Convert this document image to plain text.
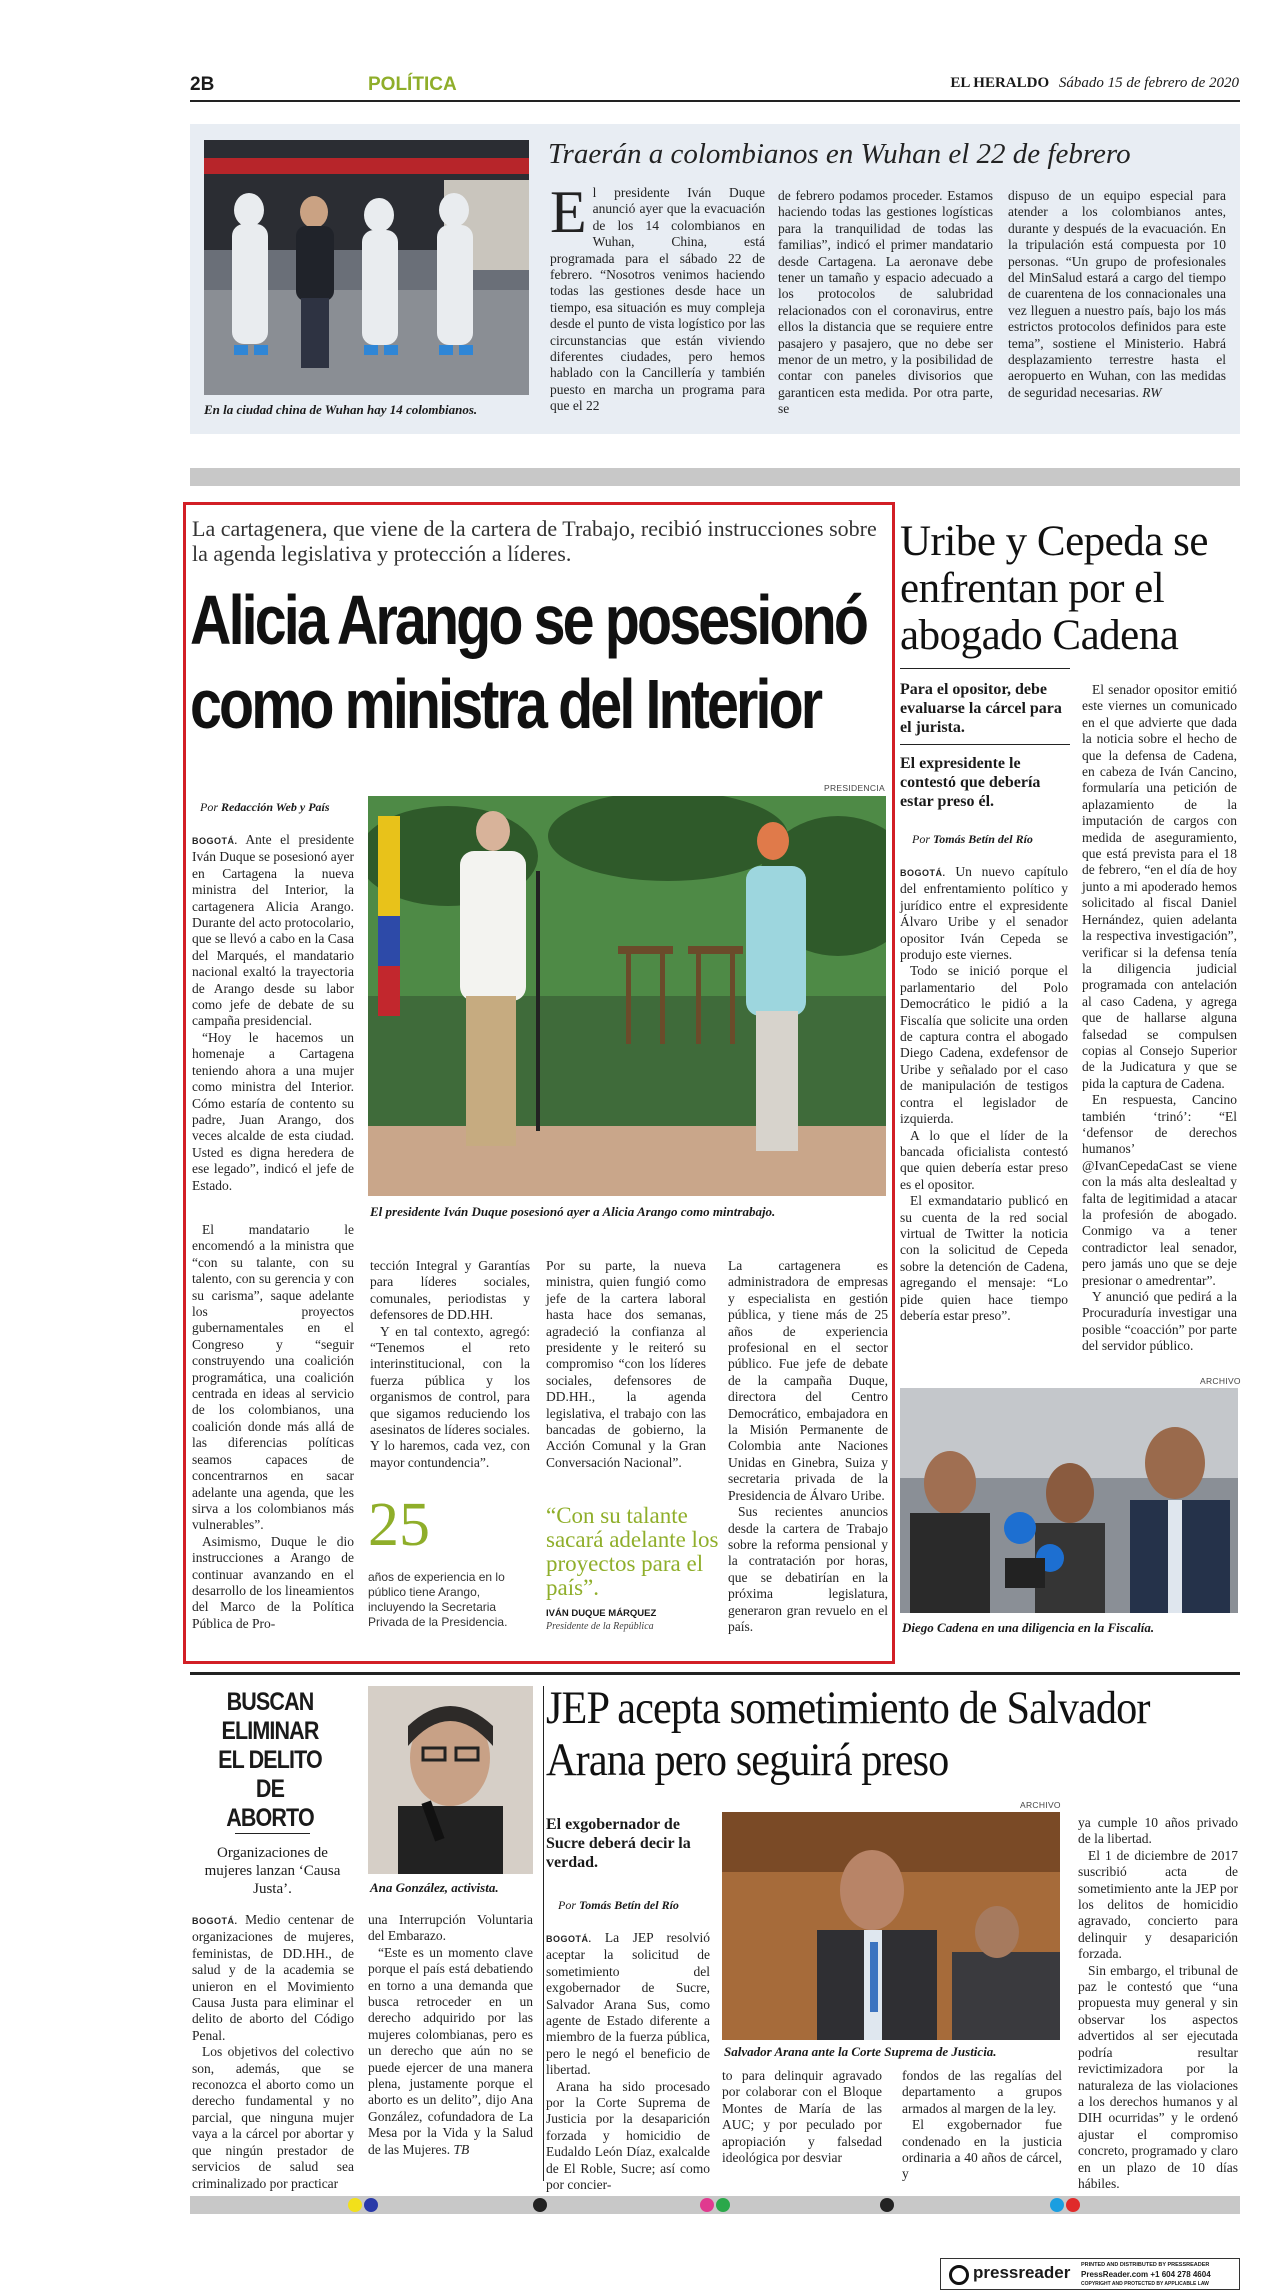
2B	POLÍTICA	EL HERALDO Sábado 15 de febrero de 2020
En la ciudad china de Wuhan hay 14 colombianos.
Traerán a colombianos en Wuhan el 22 de febrero
E l presidente Iván Duque anunció ayer que la evacuación de los 14 colombianos en Wuhan, China, está programada para el sábado 22 de febrero. “Nosotros venimos haciendo todas las gestiones desde hace un tiempo, esa situación es muy compleja desde el punto de vista logístico por las circunstancias que están viviendo diferentes ciudades, pero hemos hablado con la Cancillería y también puesto en marcha un programa para que el 22
de febrero podamos proceder. Estamos haciendo todas las gestiones logísticas para la tranquilidad de todas las familias”, indicó el primer mandatario desde Cartagena. La aeronave debe tener un tamaño y espacio adecuado a los protocolos de salubridad relacionados con el coronavirus, entre ellos la distancia que se requiere entre pasajero y pasajero, que no debe ser menor de un metro, y la posibilidad de contar con paneles divisorios que garanticen esta medida. Por otra parte, se
dispuso de un equipo especial para atender a los colombianos antes, durante y después de la evacuación. En la tripulación está compuesta por 10 personas. “Un grupo de profesionales del MinSalud estará a cargo del tiempo de cuarentena de los connacionales una vez lleguen a nuestro país, bajo los más estrictos protocolos definidos para este tema”, sostiene el Ministerio. Habrá desplazamiento terrestre hasta el aeropuerto en Wuhan, con las medidas de seguridad necesarias. RW
La cartagenera, que viene de la cartera de Trabajo, recibió instrucciones sobre la agenda legislativa y protección a líderes.
Alicia Arango se posesionó como ministra del Interior
PRESIDENCIA
Por Redacción Web y País
El presidente Iván Duque posesionó ayer a Alicia Arango como mintrabajo.

BOGOTÁ. Ante el presidente Iván Duque se posesionó ayer en Cartagena la nueva ministra del Interior, la cartagenera Alicia Arango. Durante del acto protocolario, que se llevó a cabo en la Casa del Marqués, el mandatario nacional exaltó la trayectoria de Arango desde su labor como jefe de debate de su campaña presidencial.

“Hoy le hacemos un homenaje a Cartagena teniendo ahora a una mujer como ministra del Interior. Cómo estaría de contento su padre, Juan Arango, dos veces alcalde de esta ciudad. Usted es digna heredera de ese legado”, indicó el jefe de Estado.

El mandatario le encomendó a la ministra que “con su talante, con su talento, con su gerencia y con su carisma”, saque adelante los proyectos gubernamentales en el Congreso y “seguir construyendo una coalición programática, una coalición centrada en ideas al servicio de los colombianos, una coalición donde más allá de las diferencias políticas seamos capaces de concentrarnos en sacar adelante una agenda, que les sirva a los colombianos más vulnerables”.

Asimismo, Duque le dio instrucciones a Arango de continuar avanzando en el desarrollo de los lineamientos del Marco de la Política Pública de Pro-

tección Integral y Garantías para líderes sociales, comunales, periodistas y defensores de DD.HH.

Y en tal contexto, agregó: “Tenemos el reto interinstitucional, con la fuerza pública y los organismos de control, para que sigamos reduciendo los asesinatos de líderes sociales. Y lo haremos, cada vez, con mayor contundencia”.

Por su parte, la nueva ministra, quien fungió como jefe de la cartera laboral hasta hace dos semanas, agradeció la confianza al presidente y le reiteró su compromiso “con los líderes sociales, defensores de DD.HH., la agenda legislativa, el trabajo con las bancadas de gobierno, la Acción Comunal y la Gran Conversación Nacional”.

La cartagenera es administradora de empresas y especialista en gestión pública, y tiene más de 25 años de experiencia profesional en el sector público. Fue jefe de debate de la campaña Duque, directora del Centro Democrático, embajadora en la Misión Permanente de Colombia ante Naciones Unidas en Ginebra, Suiza y secretaria privada de la Presidencia de Álvaro Uribe.

Sus recientes anuncios desde la cartera de Trabajo sobre la reforma pensional y la contratación por horas, que se debatirían en la próxima legislatura, generaron gran revuelo en el país.

25
años de experiencia en lo público tiene Arango, incluyendo la Secretaria Privada de la Presidencia.
“Con su talante sacará adelante los proyectos para el país”.
IVÁN DUQUE MÁRQUEZ
Presidente de la República
Uribe y Cepeda se enfrentan por el abogado Cadena
Para el opositor, debe evaluarse la cárcel para el jurista.
El expresidente le contestó que debería estar preso él.
Por Tomás Betín del Río

BOGOTÁ. Un nuevo capítulo del enfrentamiento político y jurídico entre el expresidente Álvaro Uribe y el senador opositor Iván Cepeda se produjo este viernes.

Todo se inició porque el parlamentario del Polo Democrático le pidió a la Fiscalía que solicite una orden de captura contra el abogado Diego Cadena, exdefensor de Uribe y señalado por el caso de manipulación de testigos contra el legislador de izquierda.

A lo que el líder de la bancada oficialista contestó que quien debería estar preso es el opositor.

El exmandatario publicó en su cuenta de la red social virtual de Twitter la noticia con la solicitud de Cepeda sobre la detención de Cadena, agregando el mensaje: “Lo pide quien hace tiempo debería estar preso”.

El senador opositor emitió este viernes un comunicado en el que advierte que dada la noticia sobre el hecho de que la defensa de Cadena, en cabeza de Iván Cancino, formularía una petición de aplazamiento de la imputación de cargos con medida de aseguramiento, que está prevista para el 18 de febrero, “en el día de hoy junto a mi apoderado hemos solicitado al fiscal Daniel Hernández, quien adelanta la respectiva investigación”, verificar si la defensa tenía la diligencia judicial programada con antelación al caso Cadena, y agrega que de hallarse alguna falsedad se compulsen copias al Consejo Superior de la Judicatura y que se pida la captura de Cadena.

En respuesta, Cancino también ‘trinó’: “El ‘defensor de derechos humanos’ @IvanCepedaCast se viene con la más alta deslealtad y falta de legitimidad a atacar la profesión de abogado. Conmigo va a tener contradictor leal senador, pero jamás uno que se deje presionar o amedrentar”.

Y anunció que pedirá a la Procuraduría investigar una posible “coacción” por parte del servidor público.

ARCHIVO
Diego Cadena en una diligencia en la Fiscalía.
BUSCAN ELIMINAR EL DELITO DE ABORTO
Organizaciones de mujeres lanzan ‘Causa Justa’.	Ana González, activista.

BOGOTÁ. Medio centenar de organizaciones de mujeres, feministas, de DD.HH., de salud y de la academia se unieron en el Movimiento Causa Justa para eliminar el delito de aborto del Código Penal.

Los objetivos del colectivo son, además, que se reconozca el aborto como un derecho fundamental y no parcial, que ninguna mujer vaya a la cárcel por abortar y que ningún prestador de servicios de salud sea criminalizado por practicar

una Interrupción Voluntaria del Embarazo.

“Este es un momento clave porque el país está debatiendo en torno a una demanda que busca retroceder en un derecho adquirido por las mujeres colombianas, pero es un derecho que aún no se puede ejercer de una manera plena, justamente porque el aborto es un delito”, dijo Ana González, cofundadora de La Mesa por la Vida y la Salud de las Mujeres. TB

JEP acepta sometimiento de Salvador Arana pero seguirá preso
El exgobernador de Sucre deberá decir la verdad.
Por Tomás Betín del Río
ARCHIVO
Salvador Arana ante la Corte Suprema de Justicia.

BOGOTÁ. La JEP resolvió aceptar la solicitud de sometimiento del exgobernador de Sucre, Salvador Arana Sus, como agente de Estado diferente a miembro de la fuerza pública, pero le negó el beneficio de libertad.

Arana ha sido procesado por la Corte Suprema de Justicia por la desaparición forzada y homicidio de Eudaldo León Díaz, exalcalde de El Roble, Sucre; así como por concier-

to para delinquir agravado por colaborar con el Bloque Montes de María de las AUC; y por peculado por apropiación y falsedad ideológica por desviar

fondos de las regalías del departamento a grupos armados al margen de la ley.

El exgobernador fue condenado en la justicia ordinaria a 40 años de cárcel, y

ya cumple 10 años privado de la libertad.

El 1 de diciembre de 2017 suscribió acta de sometimiento ante la JEP por los delitos de homicidio agravado, concierto para delinquir y desaparición forzada.

Sin embargo, el tribunal de paz le contestó que “una propuesta muy general y sin observar los aspectos advertidos al ser ejecutada podría resultar revictimizadora por la naturaleza de las violaciones a los derechos humanos y al DIH ocurridas” y le ordenó ajustar el compromiso concreto, programado y claro en un plazo de 10 días hábiles.

pressreader PRINTED AND DISTRIBUTED BY PRESSREADER
PressReader.com +1 604 278 4604
COPYRIGHT AND PROTECTED BY APPLICABLE LAW
